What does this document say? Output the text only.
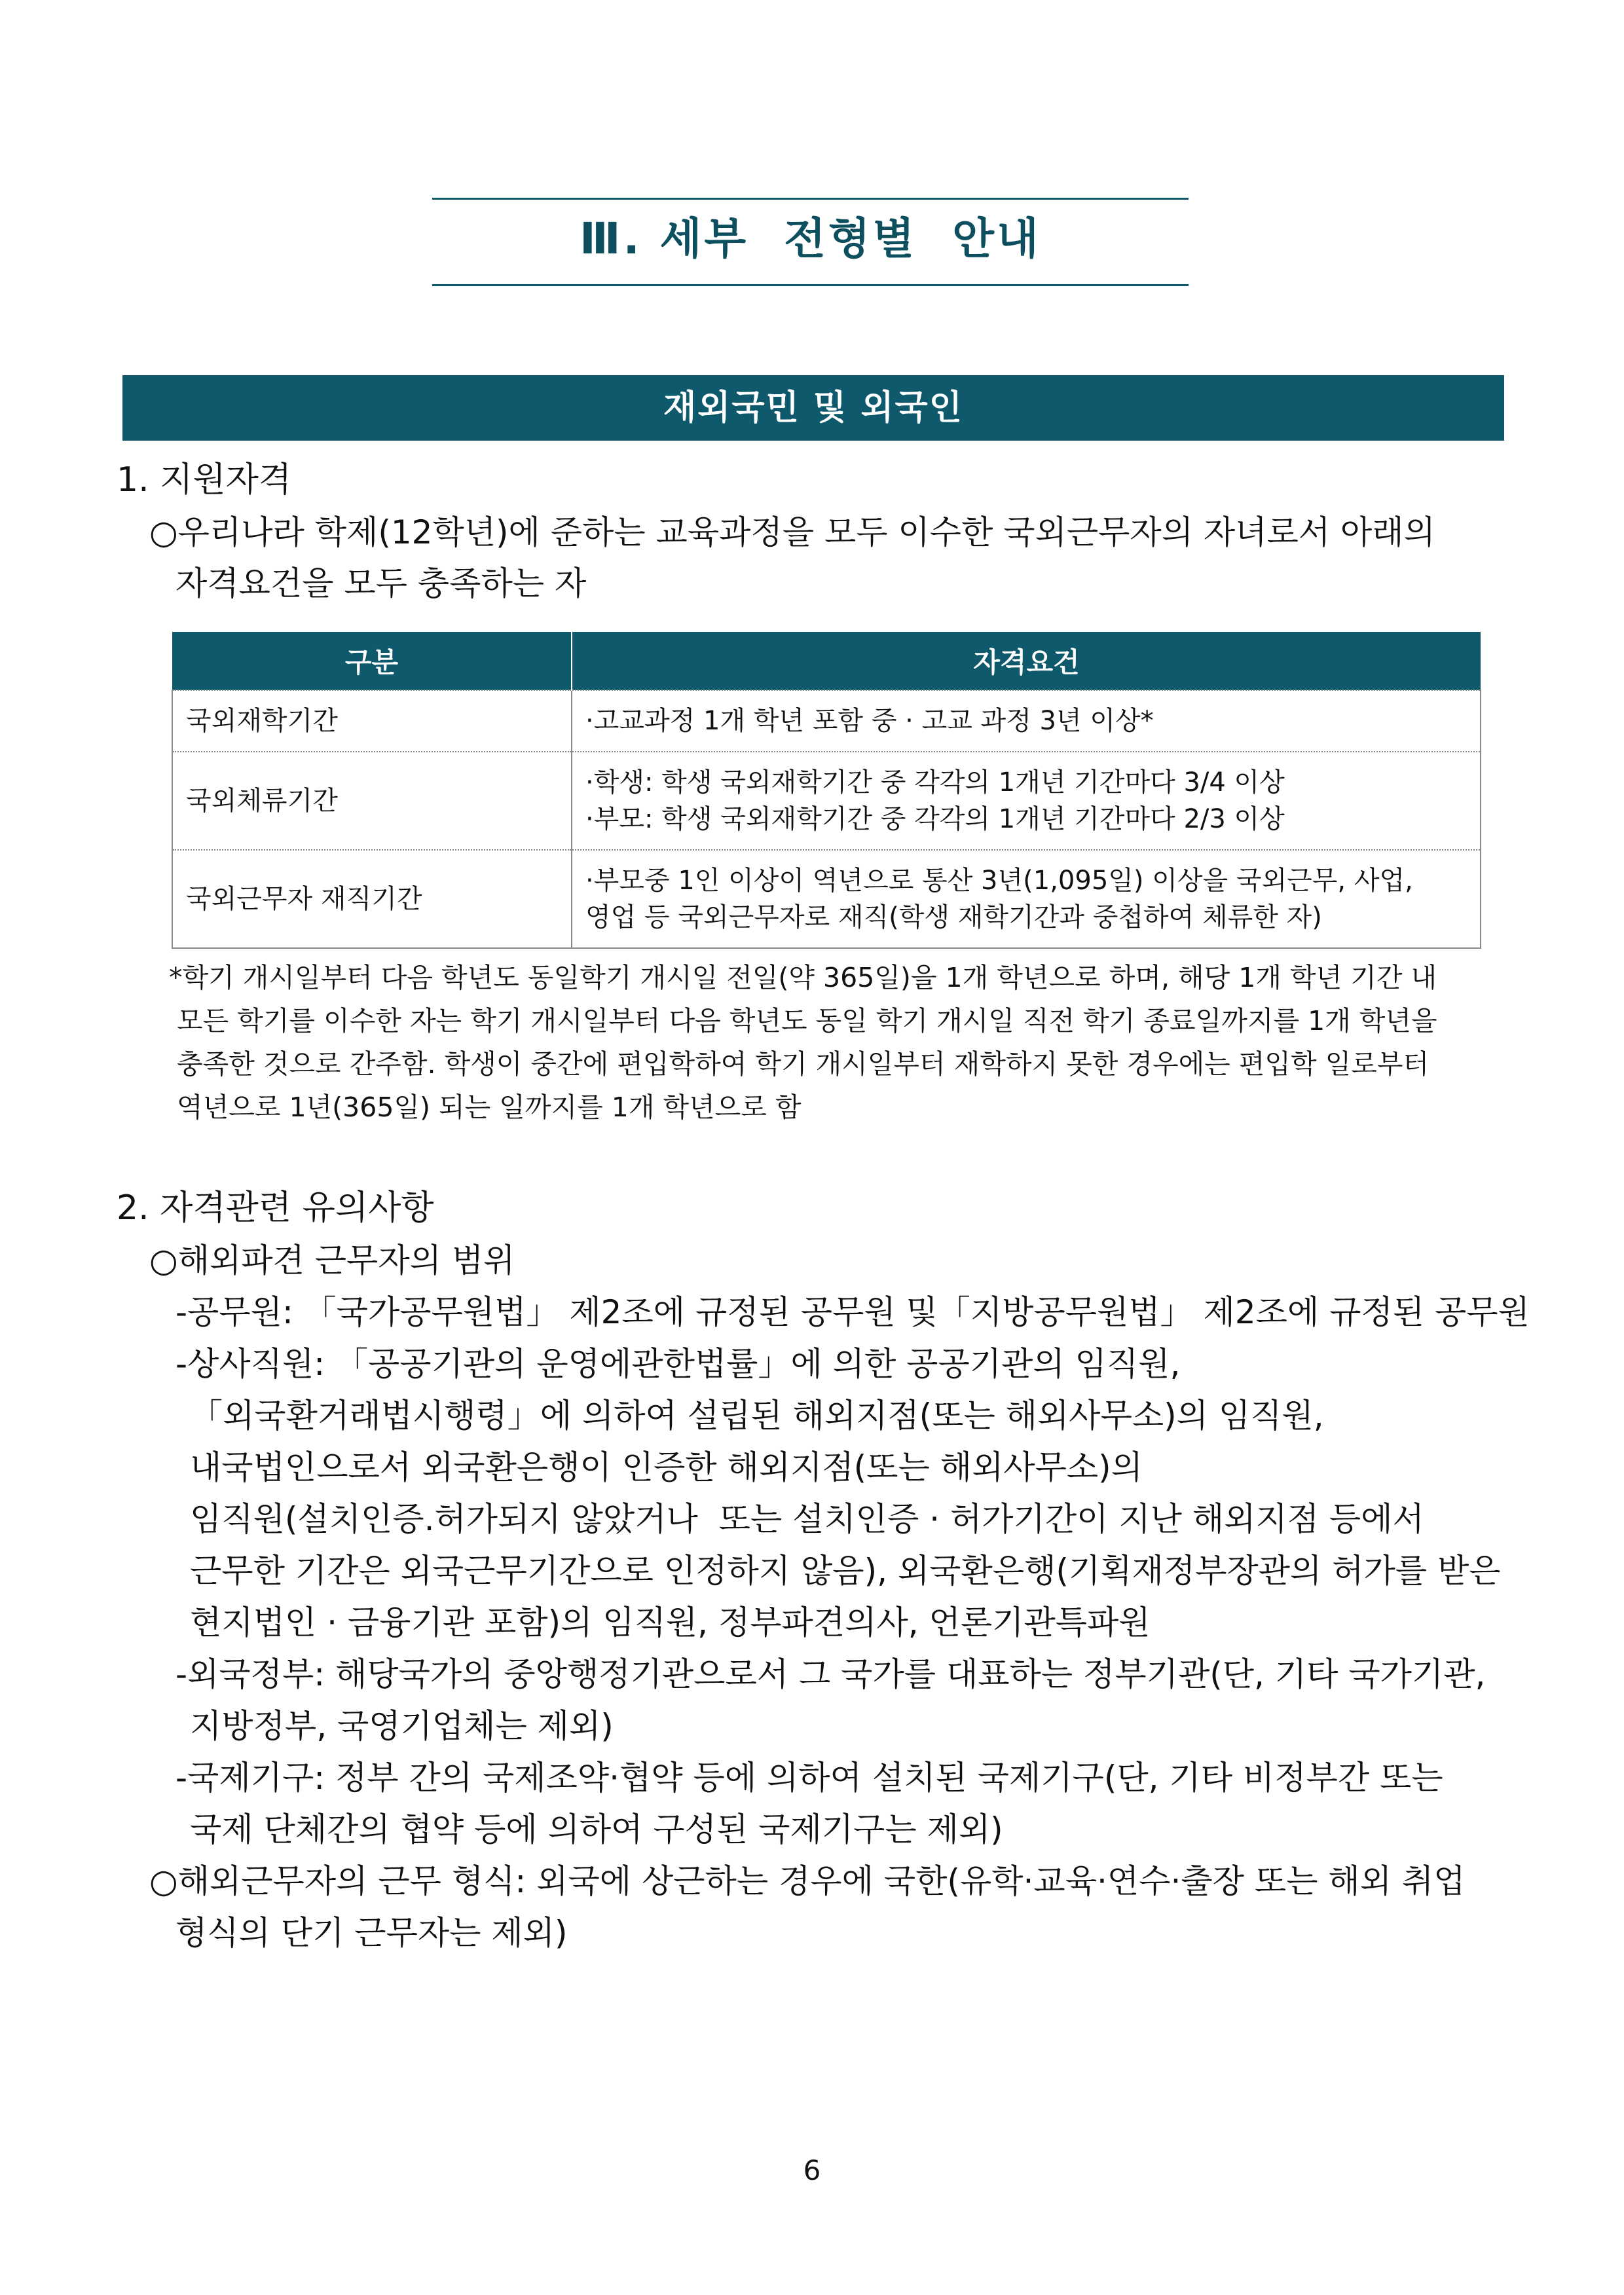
Ⅲ. 세부  전형별  안내
재외국민 및 외국인
1. 지원자격
○우리나라 학제(12학년)에 준하는 교육과정을 모두 이수한 국외근무자의 자녀로서 아래의
자격요건을 모두 충족하는 자
구분	자격요건
국외재학기간	·고교과정 1개 학년 포함 중 · 고교 과정 3년 이상*

국외체류기간	·학생: 학생 국외재학기간 중 각각의 1개년 기간마다 3/4 이상
·부모: 학생 국외재학기간 중 각각의 1개년 기간마다 2/3 이상

국외근무자 재직기간	·부모중 1인 이상이 역년으로 통산 3년(1,095일) 이상을 국외근무, 사업,
영업 등 국외근무자로 재직(학생 재학기간과 중첩하여 체류한 자)
*학기 개시일부터 다음 학년도 동일학기 개시일 전일(약 365일)을 1개 학년으로 하며, 해당 1개 학년 기간 내
모든 학기를 이수한 자는 학기 개시일부터 다음 학년도 동일 학기 개시일 직전 학기 종료일까지를 1개 학년을
충족한 것으로 간주함. 학생이 중간에 편입학하여 학기 개시일부터 재학하지 못한 경우에는 편입학 일로부터
역년으로 1년(365일) 되는 일까지를 1개 학년으로 함
2. 자격관련 유의사항
○해외파견 근무자의 범위
-공무원: 「국가공무원법」 제2조에 규정된 공무원 및「지방공무원법」 제2조에 규정된 공무원
-상사직원: 「공공기관의 운영에관한법률」에 의한 공공기관의 임직원,
「외국환거래법시행령」에 의하여 설립된 해외지점(또는 해외사무소)의 임직원,
내국법인으로서 외국환은행이 인증한 해외지점(또는 해외사무소)의
임직원(설치인증.허가되지 않았거나  또는 설치인증 · 허가기간이 지난 해외지점 등에서
근무한 기간은 외국근무기간으로 인정하지 않음), 외국환은행(기획재정부장관의 허가를 받은
현지법인 · 금융기관 포함)의 임직원, 정부파견의사, 언론기관특파원
-외국정부: 해당국가의 중앙행정기관으로서 그 국가를 대표하는 정부기관(단, 기타 국가기관,
지방정부, 국영기업체는 제외)
-국제기구: 정부 간의 국제조약·협약 등에 의하여 설치된 국제기구(단, 기타 비정부간 또는
국제 단체간의 협약 등에 의하여 구성된 국제기구는 제외)
○해외근무자의 근무 형식: 외국에 상근하는 경우에 국한(유학·교육·연수·출장 또는 해외 취업
형식의 단기 근무자는 제외)
6
